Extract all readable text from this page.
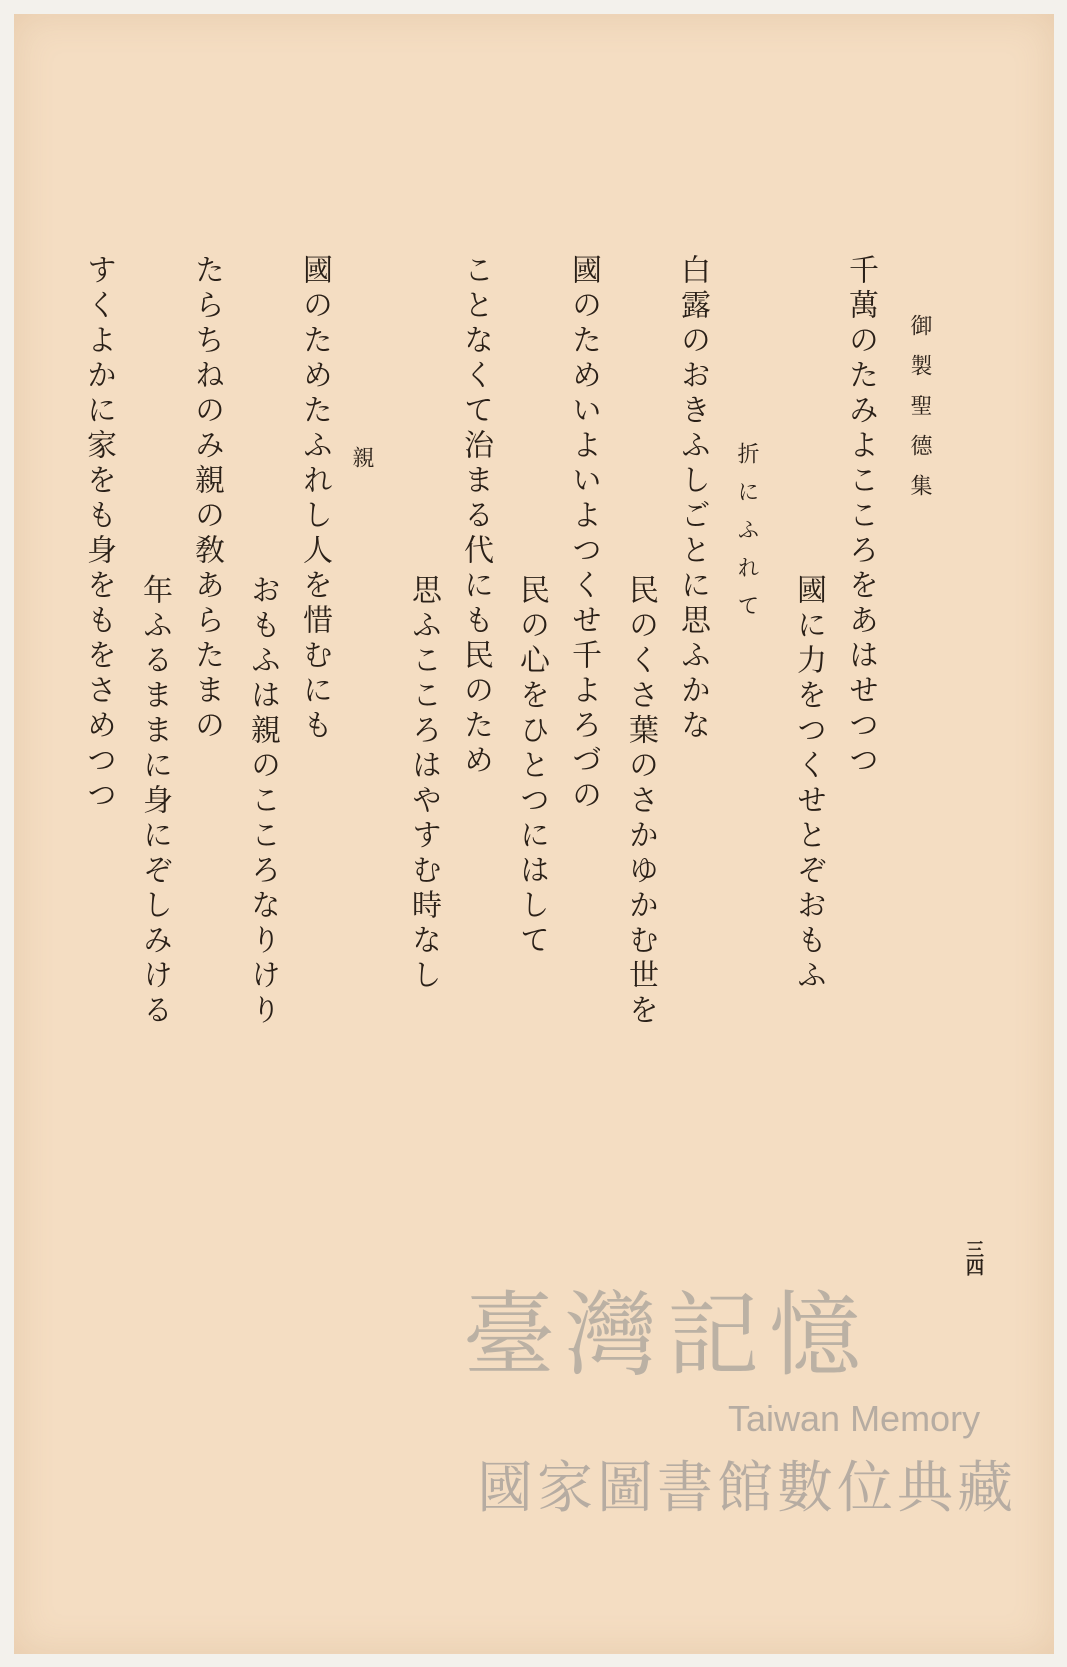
御製聖德集
千萬のたみよこころをあはせつつ
國に力をつくせとぞおもふ
折にふれて
白露のおきふしごとに思ふかな
民のくさ葉のさかゆかむ世を
國のためいよいよつくせ千よろづの
民の心をひとつにはして
ことなくて治まる代にも民のため
思ふこころはやすむ時なし
親
國のためたふれし人を惜むにも
おもふは親のこころなりけり
たらちねのみ親の敎あらたまの
年ふるままに身にぞしみける
すくよかに家をも身をもをさめつつ
三四
臺灣記憶
Taiwan Memory
國家圖書館數位典藏
